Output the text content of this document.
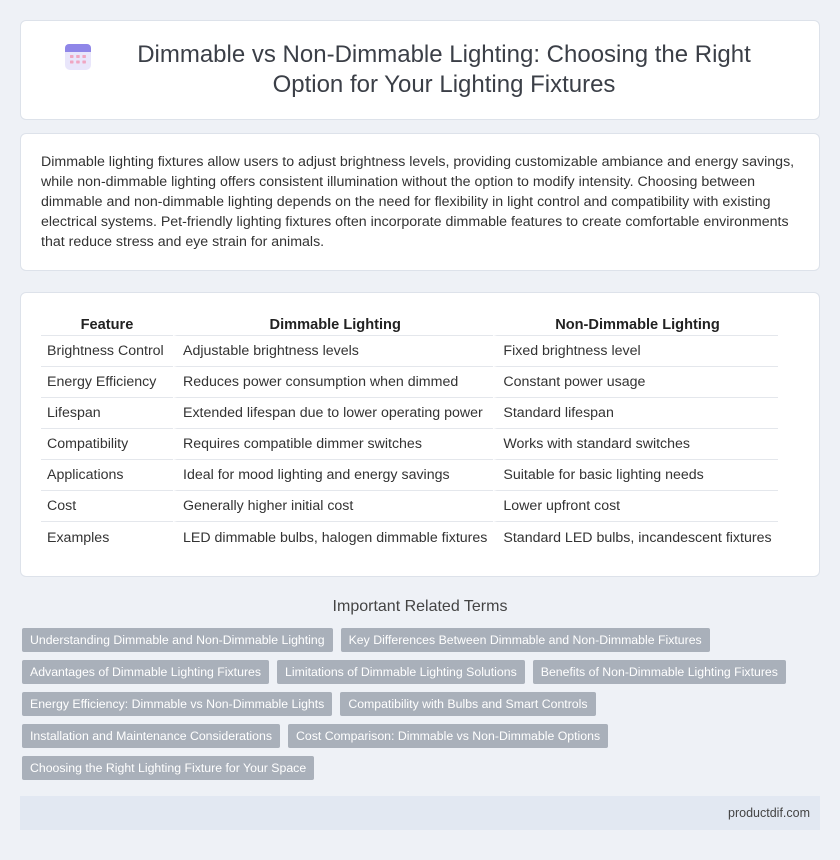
Dimmable vs Non-Dimmable Lighting: Choosing the Right Option for Your Lighting Fixtures

Dimmable lighting fixtures allow users to adjust brightness levels, providing customizable ambiance and energy savings, while non-dimmable lighting offers consistent illumination without the option to modify intensity. Choosing between dimmable and non-dimmable lighting depends on the need for flexibility in light control and compatibility with existing electrical systems. Pet-friendly lighting fixtures often incorporate dimmable features to create comfortable environments that reduce stress and eye strain for animals.

Feature	Dimmable Lighting	Non-Dimmable Lighting
Brightness Control	Adjustable brightness levels	Fixed brightness level
Energy Efficiency	Reduces power consumption when dimmed	Constant power usage
Lifespan	Extended lifespan due to lower operating power	Standard lifespan
Compatibility	Requires compatible dimmer switches	Works with standard switches
Applications	Ideal for mood lighting and energy savings	Suitable for basic lighting needs
Cost	Generally higher initial cost	Lower upfront cost
Examples	LED dimmable bulbs, halogen dimmable fixtures	Standard LED bulbs, incandescent fixtures
Important Related Terms
Understanding Dimmable and Non-Dimmable Lighting	Key Differences Between Dimmable and Non-Dimmable Fixtures
Advantages of Dimmable Lighting Fixtures	Limitations of Dimmable Lighting Solutions	Benefits of Non-Dimmable Lighting Fixtures
Energy Efficiency: Dimmable vs Non-Dimmable Lights	Compatibility with Bulbs and Smart Controls
Installation and Maintenance Considerations	Cost Comparison: Dimmable vs Non-Dimmable Options
Choosing the Right Lighting Fixture for Your Space
productdif.com
